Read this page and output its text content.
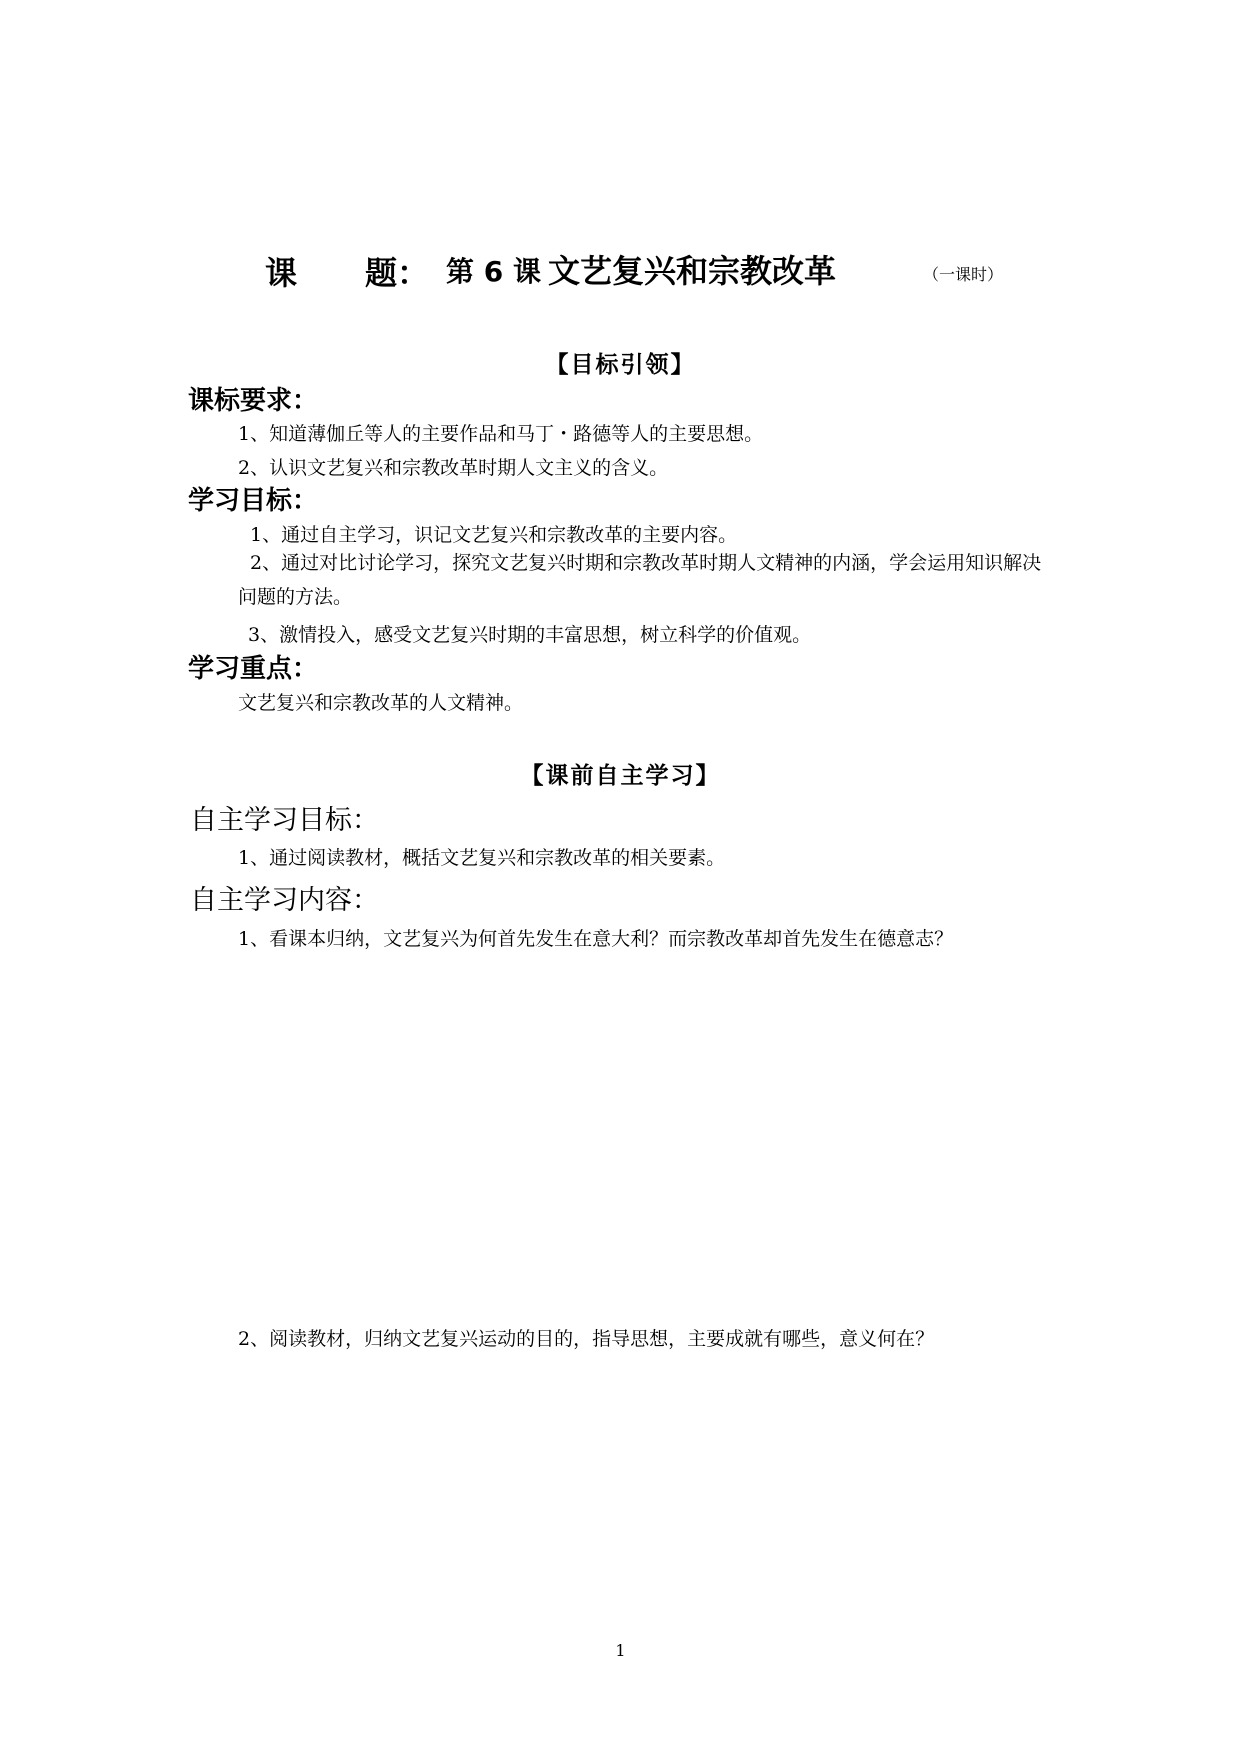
课 题： 第 6 课 文艺复兴和宗教改革	（一课时）
【目标引领】
课标要求：
1、知道薄伽丘等人的主要作品和马丁・路德等人的主要思想。
2、认识文艺复兴和宗教改革时期人文主义的含义。
学习目标：
1、通过自主学习，识记文艺复兴和宗教改革的主要内容。
2、通过对比讨论学习，探究文艺复兴时期和宗教改革时期人文精神的内涵，学会运用知识解决问题的方法。
3、激情投入，感受文艺复兴时期的丰富思想，树立科学的价值观。
学习重点：
文艺复兴和宗教改革的人文精神。
【课前自主学习】
自主学习目标：
1、通过阅读教材，概括文艺复兴和宗教改革的相关要素。
自主学习内容：
1、看课本归纳，文艺复兴为何首先发生在意大利？而宗教改革却首先发生在德意志？
2、阅读教材，归纳文艺复兴运动的目的，指导思想，主要成就有哪些，意义何在？
1
